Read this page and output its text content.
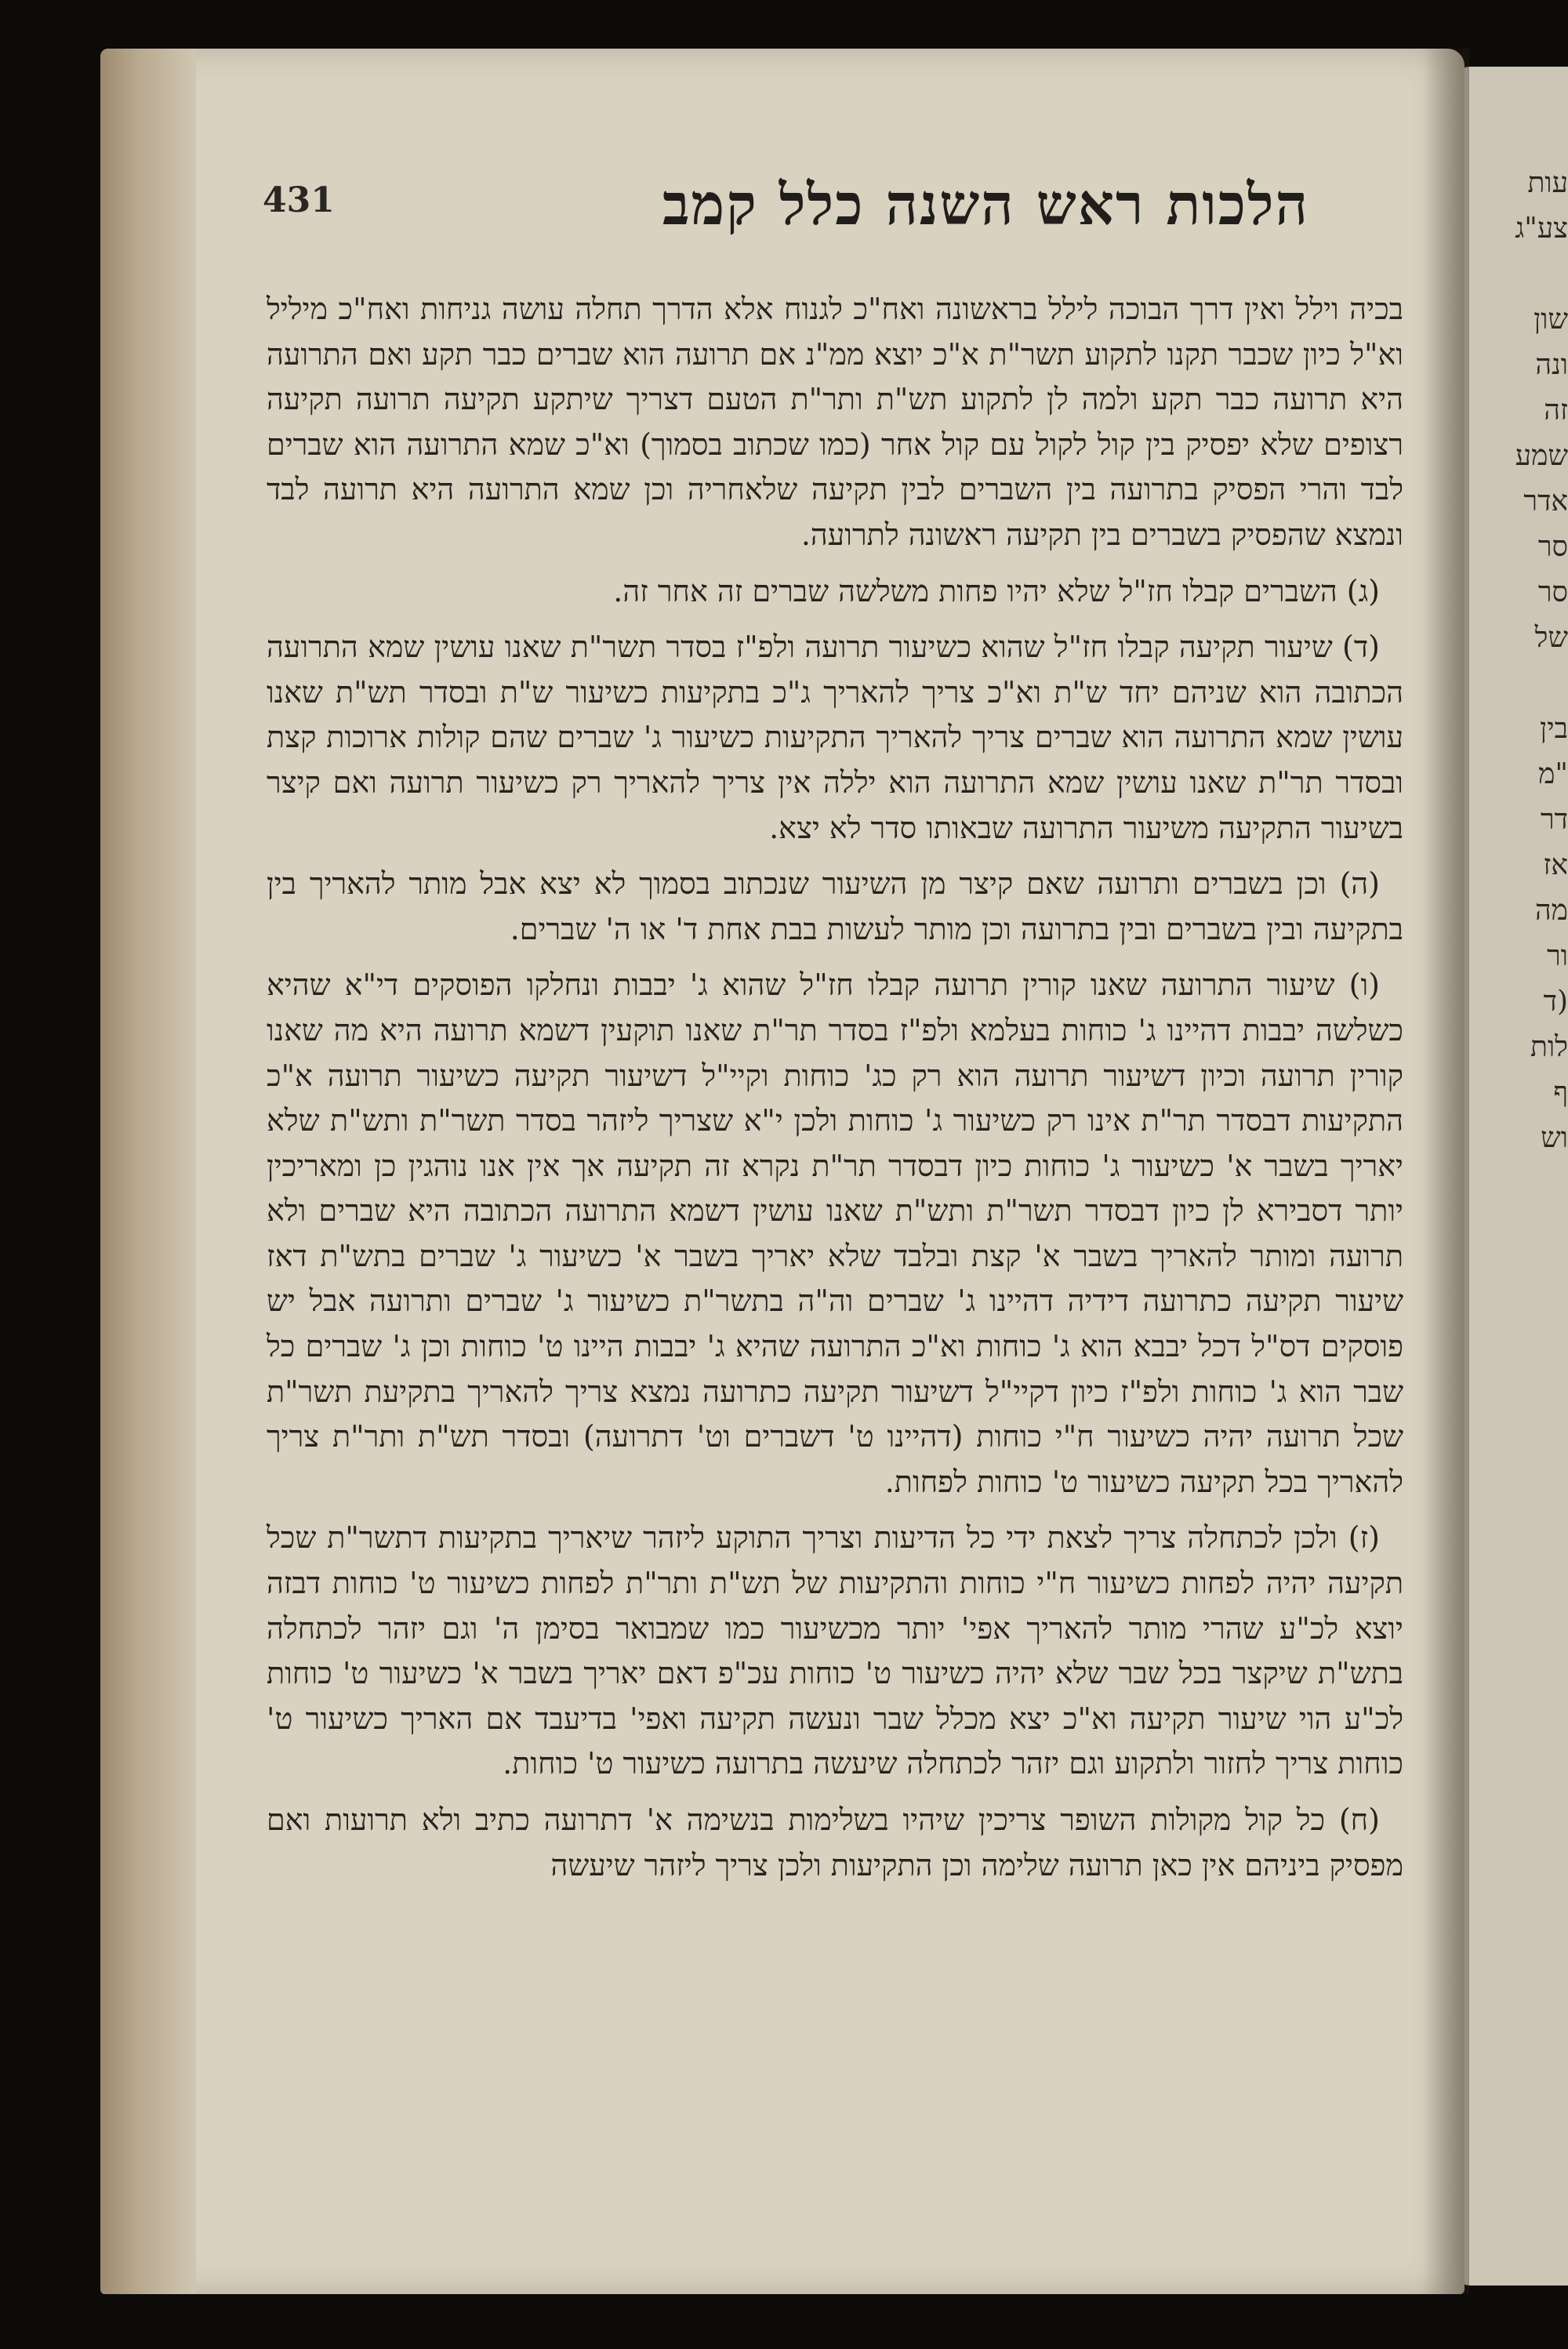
עות
צע"ג
שון
ונה
זה
שמע
אדר
סר
סר
של
בין
"מ
דר
אז
מה
ור
(ד
לות
ף
וש
431	הלכות ראש השנה כלל קמב

בכיה וילל ואין דרך הבוכה לילל בראשונה ואח"כ לגנוח אלא הדרך תחלה עושה גניחות ואח"כ מיליל וא"ל כיון שכבר תקנו לתקוע תשר"ת א"כ יוצא ממ"נ אם תרועה הוא שברים כבר תקע ואם התרועה היא תרועה כבר תקע ולמה לן לתקוע תש"ת ותר"ת הטעם דצריך שיתקע תקיעה תרועה תקיעה רצופים שלא יפסיק בין קול לקול עם קול אחר (כמו שכתוב בסמוך) וא"כ שמא התרועה הוא שברים לבד והרי הפסיק בתרועה בין השברים לבין תקיעה שלאחריה וכן שמא התרועה היא תרועה לבד ונמצא שהפסיק בשברים בין תקיעה ראשונה לתרועה.

(ג) השברים קבלו חז"ל שלא יהיו פחות משלשה שברים זה אחר זה.

(ד) שיעור תקיעה קבלו חז"ל שהוא כשיעור תרועה ולפ"ז בסדר תשר"ת שאנו עושין שמא התרועה הכתובה הוא שניהם יחד ש"ת וא"כ צריך להאריך ג"כ בתקיעות כשיעור ש"ת ובסדר תש"ת שאנו עושין שמא התרועה הוא שברים צריך להאריך התקיעות כשיעור ג' שברים שהם קולות ארוכות קצת ובסדר תר"ת שאנו עושין שמא התרועה הוא יללה אין צריך להאריך רק כשיעור תרועה ואם קיצר בשיעור התקיעה משיעור התרועה שבאותו סדר לא יצא.

(ה) וכן בשברים ותרועה שאם קיצר מן השיעור שנכתוב בסמוך לא יצא אבל מותר להאריך בין בתקיעה ובין בשברים ובין בתרועה וכן מותר לעשות בבת אחת ד' או ה' שברים.

(ו) שיעור התרועה שאנו קורין תרועה קבלו חז"ל שהוא ג' יבבות ונחלקו הפוסקים די"א שהיא כשלשה יבבות דהיינו ג' כוחות בעלמא ולפ"ז בסדר תר"ת שאנו תוקעין דשמא תרועה היא מה שאנו קורין תרועה וכיון דשיעור תרועה הוא רק כג' כוחות וקיי"ל דשיעור תקיעה כשיעור תרועה א"כ התקיעות דבסדר תר"ת אינו רק כשיעור ג' כוחות ולכן י"א שצריך ליזהר בסדר תשר"ת ותש"ת שלא יאריך בשבר א' כשיעור ג' כוחות כיון דבסדר תר"ת נקרא זה תקיעה אך אין אנו נוהגין כן ומאריכין יותר דסבירא לן כיון דבסדר תשר"ת ותש"ת שאנו עושין דשמא התרועה הכתובה היא שברים ולא תרועה ומותר להאריך בשבר א' קצת ובלבד שלא יאריך בשבר א' כשיעור ג' שברים בתש"ת דאז שיעור תקיעה כתרועה דידיה דהיינו ג' שברים וה"ה בתשר"ת כשיעור ג' שברים ותרועה אבל יש פוסקים דס"ל דכל יבבא הוא ג' כוחות וא"כ התרועה שהיא ג' יבבות היינו ט' כוחות וכן ג' שברים כל שבר הוא ג' כוחות ולפ"ז כיון דקיי"ל דשיעור תקיעה כתרועה נמצא צריך להאריך בתקיעת תשר"ת שכל תרועה יהיה כשיעור ח"י כוחות (דהיינו ט' דשברים וט' דתרועה) ובסדר תש"ת ותר"ת צריך להאריך בכל תקיעה כשיעור ט' כוחות לפחות.

(ז) ולכן לכתחלה צריך לצאת ידי כל הדיעות וצריך התוקע ליזהר שיאריך בתקיעות דתשר"ת שכל תקיעה יהיה לפחות כשיעור ח"י כוחות והתקיעות של תש"ת ותר"ת לפחות כשיעור ט' כוחות דבזה יוצא לכ"ע שהרי מותר להאריך אפי' יותר מכשיעור כמו שמבואר בסימן ה' וגם יזהר לכתחלה בתש"ת שיקצר בכל שבר שלא יהיה כשיעור ט' כוחות עכ"פ דאם יאריך בשבר א' כשיעור ט' כוחות לכ"ע הוי שיעור תקיעה וא"כ יצא מכלל שבר ונעשה תקיעה ואפי' בדיעבד אם האריך כשיעור ט' כוחות צריך לחזור ולתקוע וגם יזהר לכתחלה שיעשה בתרועה כשיעור ט' כוחות.

(ח) כל קול מקולות השופר צריכין שיהיו בשלימות בנשימה א' דתרועה כתיב ולא תרועות ואם מפסיק ביניהם אין כאן תרועה שלימה וכן התקיעות ולכן צריך ליזהר שיעשה
